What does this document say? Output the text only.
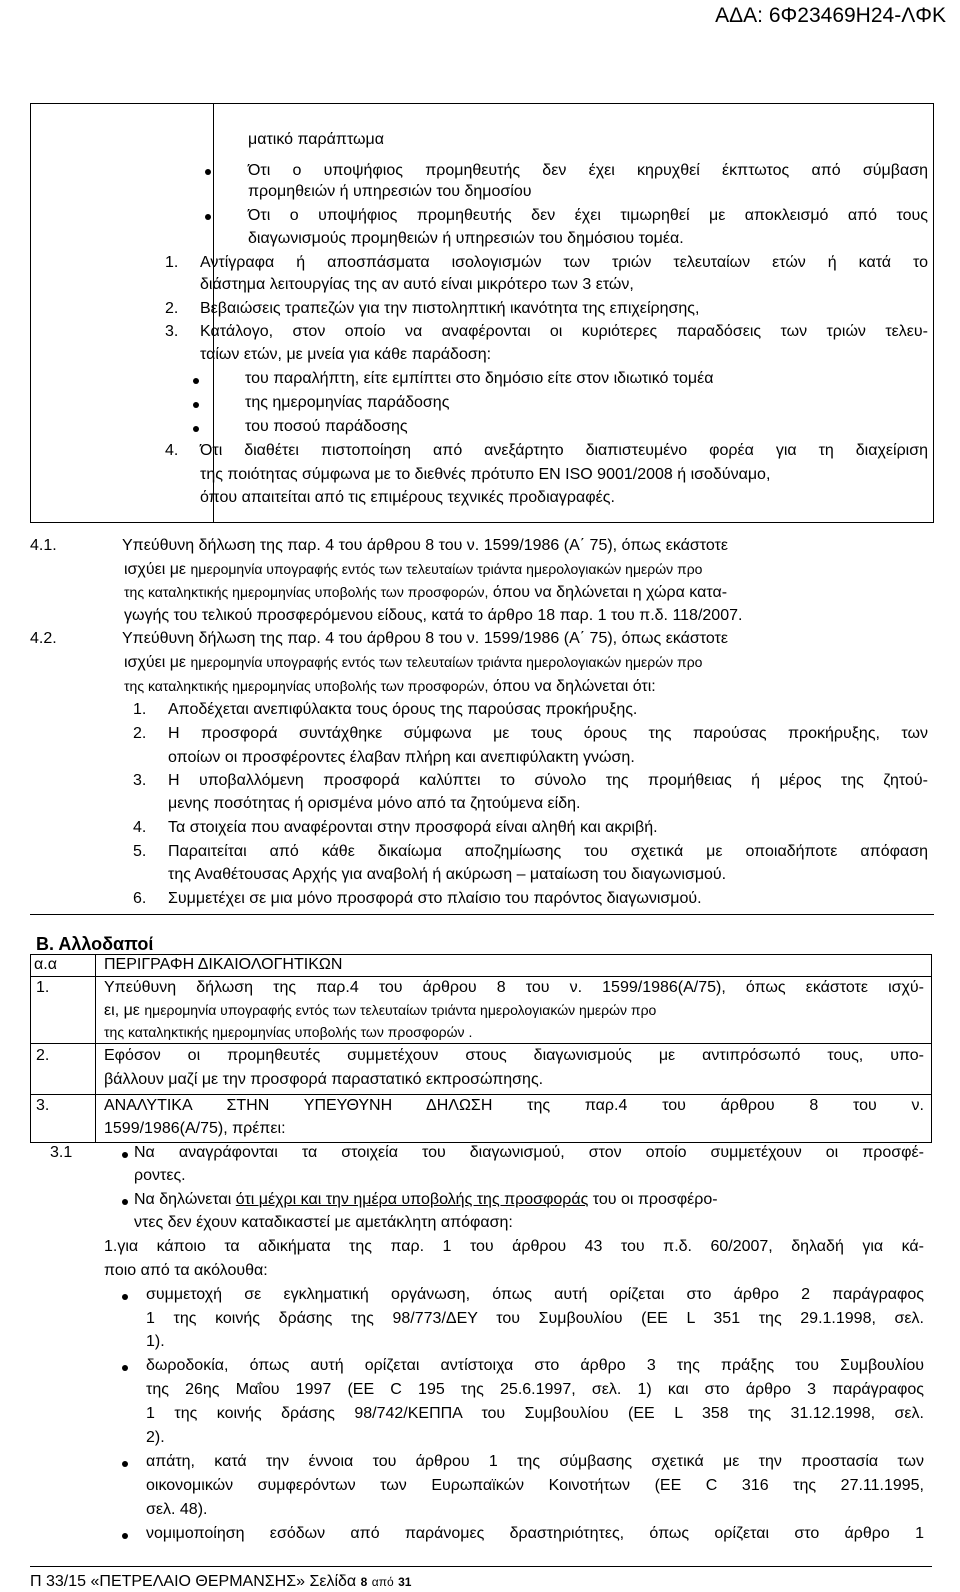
ΑΔΑ: 6Φ23469Η24-ΛΦΚ
ματικό παράπτωμα
Ότι ο υποψήφιος προμηθευτής δεν έχει κηρυχθεί έκπτωτος από σύμβαση
προμηθειών ή υπηρεσιών του δημοσίου
Ότι ο υποψήφιος προμηθευτής δεν έχει τιμωρηθεί με αποκλεισμό από τους
διαγωνισμούς προμηθειών ή υπηρεσιών του δημόσιου τομέα.
1. Αντίγραφα ή αποσπάσματα ισολογισμών των τριών τελευταίων ετών ή κατά το
διάστημα λειτουργίας της αν αυτό είναι μικρότερο των 3 ετών,
2. Βεβαιώσεις τραπεζών για την πιστοληπτική ικανότητα της επιχείρησης,
3. Κατάλογο, στον οποίο να αναφέρονται οι κυριότερες παραδόσεις των τριών τελευ-
ταίων ετών, με μνεία για κάθε παράδοση:
του παραλήπτη, είτε εμπίπτει στο δημόσιο είτε στον ιδιωτικό τομέα
της ημερομηνίας παράδοσης
του ποσού παράδοσης
4. Ότι διαθέτει πιστοποίηση από ανεξάρτητο διαπιστευμένο φορέα για τη διαχείριση
της ποιότητας σύμφωνα με το διεθνές πρότυπο EN ISO 9001/2008 ή ισοδύναμο,
όπου απαιτείται από τις επιμέρους τεχνικές προδιαγραφές.
4.1.	Υπεύθυνη δήλωση της παρ. 4 του άρθρου 8 του ν. 1599/1986 (Α΄ 75), όπως εκάστοτε
ισχύει με ημερομηνία υπογραφής εντός των τελευταίων τριάντα ημερολογιακών ημερών προ
της καταληκτικής ημερομηνίας υποβολής των προσφορών, όπου να δηλώνεται η χώρα κατα-
γωγής του τελικού προσφερόμενου είδους, κατά το άρθρο 18 παρ. 1 του π.δ. 118/2007.
4.2.	Υπεύθυνη δήλωση της παρ. 4 του άρθρου 8 του ν. 1599/1986 (Α΄ 75), όπως εκάστοτε
ισχύει με ημερομηνία υπογραφής εντός των τελευταίων τριάντα ημερολογιακών ημερών προ
της καταληκτικής ημερομηνίας υποβολής των προσφορών, όπου να δηλώνεται ότι:
1. Αποδέχεται ανεπιφύλακτα τους όρους της παρούσας προκήρυξης.
2. Η προσφορά συντάχθηκε σύμφωνα με τους όρους της παρούσας προκήρυξης, των
οποίων οι προσφέροντες έλαβαν πλήρη και ανεπιφύλακτη γνώση.
3. Η υποβαλλόμενη προσφορά καλύπτει το σύνολο της προμήθειας ή μέρος της ζητού-
μενης ποσότητας ή ορισμένα μόνο από τα ζητούμενα είδη.
4. Τα στοιχεία που αναφέρονται στην προσφορά είναι αληθή και ακριβή.
5. Παραιτείται από κάθε δικαίωμα αποζημίωσης του σχετικά με οποιαδήποτε απόφαση
της Αναθέτουσας Αρχής για αναβολή ή ακύρωση – ματαίωση του διαγωνισμού.
6. Συμμετέχει σε μια μόνο προσφορά στο πλαίσιο του παρόντος διαγωνισμού.
Β. Αλλοδαποί
α.α	ΠΕΡΙΓΡΑΦΗ ΔΙΚΑΙΟΛΟΓΗΤΙΚΩΝ
1.	Υπεύθυνη δήλωση της παρ.4 του άρθρου 8 του ν. 1599/1986(Α/75), όπως εκάστοτε ισχύ-
ει, με ημερομηνία υπογραφής εντός των τελευταίων τριάντα ημερολογιακών ημερών προ
της καταληκτικής ημερομηνίας υποβολής των προσφορών .
2.	Εφόσον οι προμηθευτές συμμετέχουν στους διαγωνισμούς με αντιπρόσωπό τους, υπο-
βάλλουν μαζί με την προσφορά παραστατικό εκπροσώπησης.
3.	ΑΝΑΛΥΤΙΚΑ ΣΤΗΝ ΥΠΕΥΘΥΝΗ ΔΗΛΩΣΗ της παρ.4 του άρθρου 8 του ν.
1599/1986(Α/75), πρέπει:
3.1	Να αναγράφονται τα στοιχεία του διαγωνισμού, στον οποίο συμμετέχουν οι προσφέ-
ροντες.
Να δηλώνεται ότι μέχρι και την ημέρα υποβολής της προσφοράς του οι προσφέρο-
ντες δεν έχουν καταδικαστεί με αμετάκλητη απόφαση:
1.για κάποιο τα αδικήματα της παρ. 1 του άρθρου 43 του π.δ. 60/2007, δηλαδή για κά-
ποιο από τα ακόλουθα:
συμμετοχή σε εγκληματική οργάνωση, όπως αυτή ορίζεται στο άρθρο 2 παράγραφος
1 της κοινής δράσης της 98/773/ΔΕΥ του Συμβουλίου (ΕΕ L 351 της 29.1.1998, σελ.
1).
δωροδοκία, όπως αυτή ορίζεται αντίστοιχα στο άρθρο 3 της πράξης του Συμβουλίου
της 26ης Μαΐου 1997 (ΕΕ C 195 της 25.6.1997, σελ. 1) και στο άρθρο 3 παράγραφος
1 της κοινής δράσης 98/742/ΚΕΠΠΑ του Συμβουλίου (ΕΕ L 358 της 31.12.1998, σελ.
2).
απάτη, κατά την έννοια του άρθρου 1 της σύμβασης σχετικά με την προστασία των
οικονομικών συμφερόντων των Ευρωπαϊκών Κοινοτήτων (ΕΕ C 316 της 27.11.1995,
σελ. 48).
νομιμοποίηση εσόδων από παράνομες δραστηριότητες, όπως ορίζεται στο άρθρο 1
Π 33/15 «ΠΕΤΡΕΛΑΙΟ ΘΕΡΜΑΝΣΗΣ» Σελίδα 8 από 31
